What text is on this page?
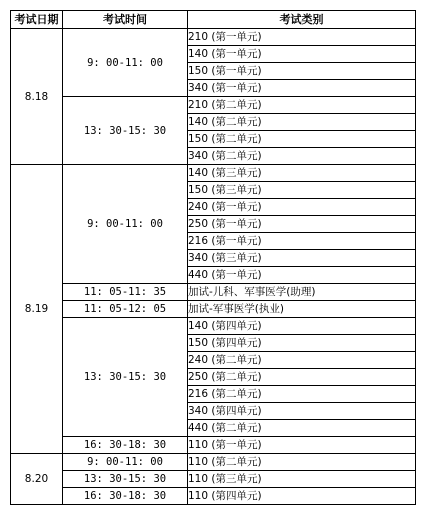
考试日期	考试时间	考试类别
8.18	9: 00-11: 00	210 (第一单元)
		140 (第一单元)
		150 (第一单元)
		340 (第一单元)
	13: 30-15: 30	210 (第二单元)
		140 (第二单元)
		150 (第二单元)
		340 (第二单元)
8.19	9: 00-11: 00	140 (第三单元)
		150 (第三单元)
		240 (第一单元)
		250 (第一单元)
		216 (第一单元)
		340 (第三单元)
		440 (第一单元)
	11: 05-11: 35	加试-儿科、军事医学(助理)
	11: 05-12: 05	加试-军事医学(执业)
	13: 30-15: 30	140 (第四单元)
		150 (第四单元)
		240 (第二单元)
		250 (第二单元)
		216 (第二单元)
		340 (第四单元)
		440 (第二单元)
	16: 30-18: 30	110 (第一单元)
8.20	9: 00-11: 00	110 (第二单元)
	13: 30-15: 30	110 (第三单元)
	16: 30-18: 30	110 (第四单元)
